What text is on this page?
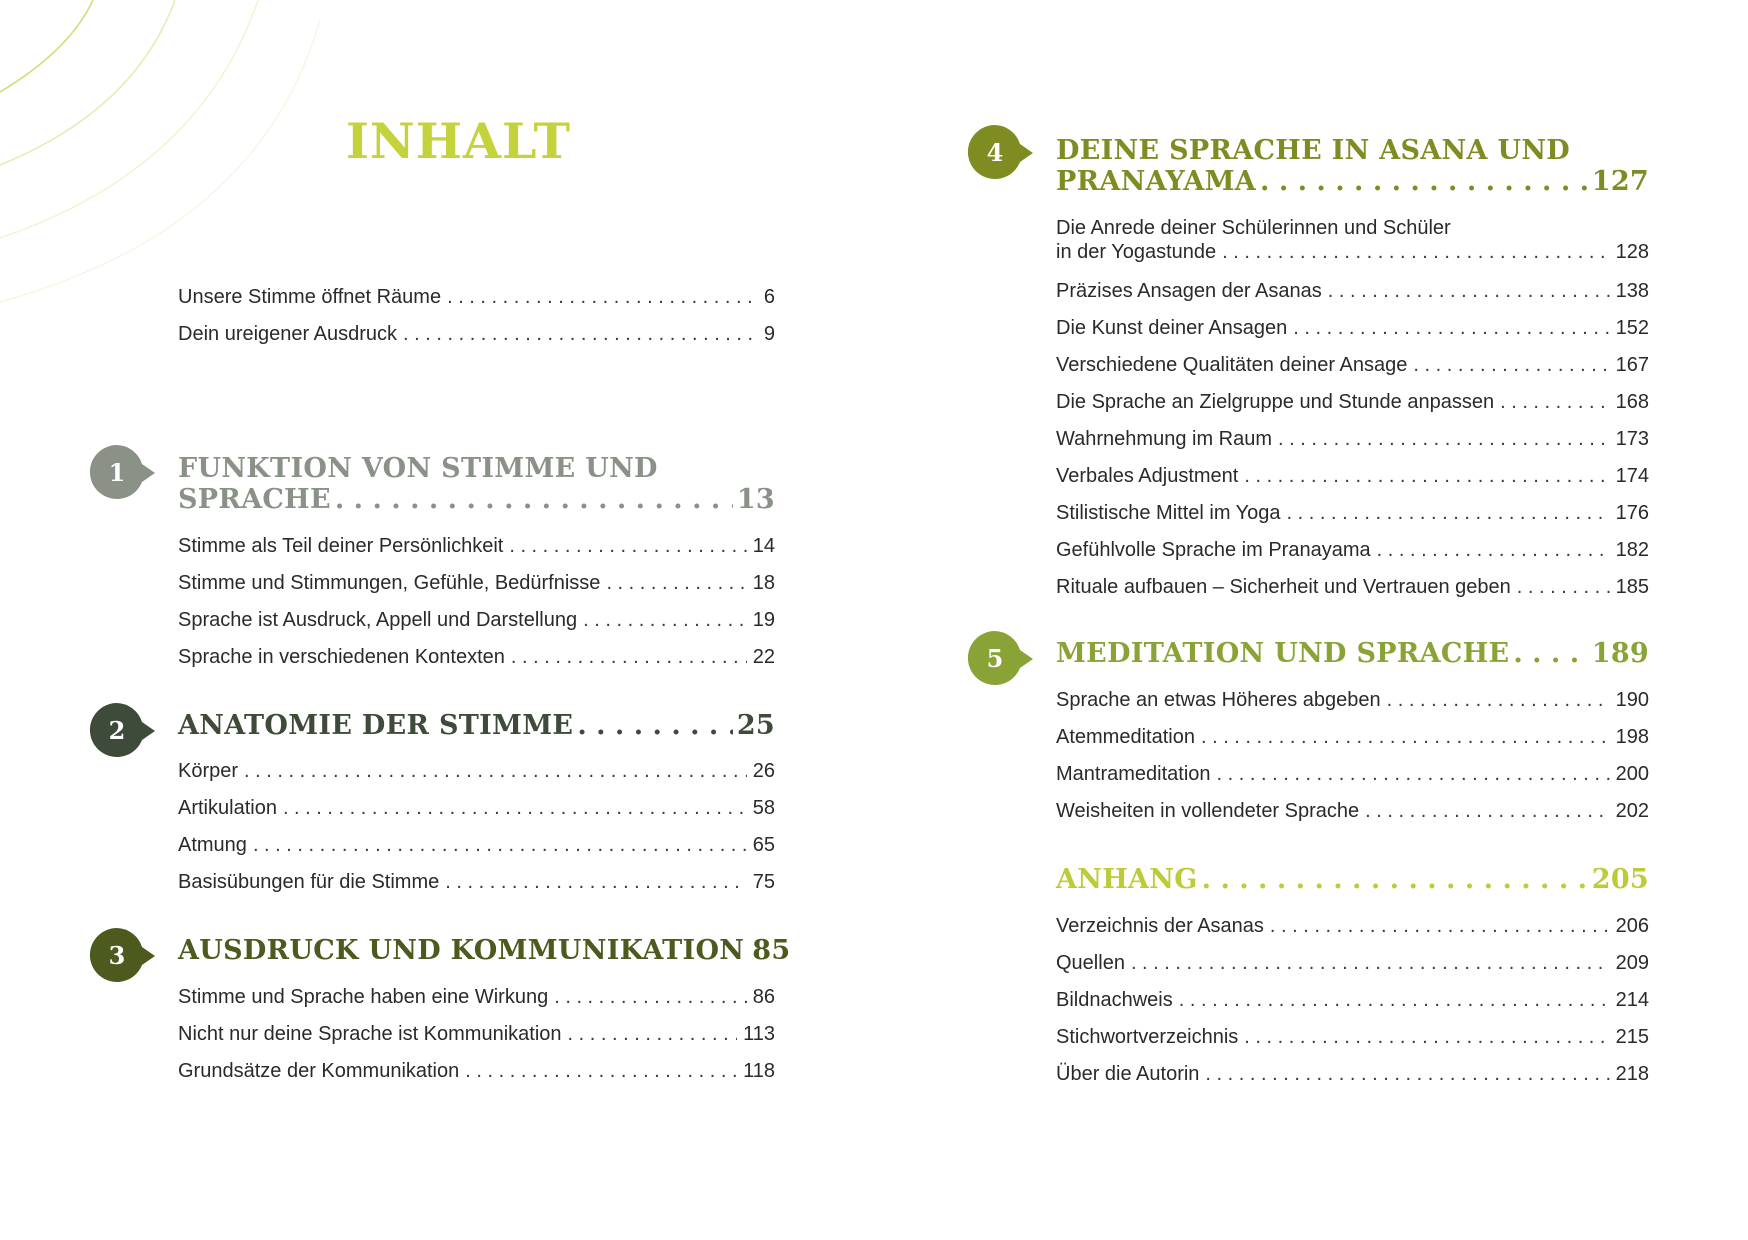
INHALT
Unsere Stimme öffnet Räume . . .	6
Dein ureigener Ausdruck . . .	9
1	FUNKTION VON STIMME UND
SPRACHE . . .	13
Stimme als Teil deiner Persönlichkeit . . .	14
Stimme und Stimmungen, Gefühle, Bedürfnisse . . .	18
Sprache ist Ausdruck, Appell und Darstellung . . .	19
Sprache in verschiedenen Kontexten . . .	22
2	ANATOMIE DER STIMME . . .	25
Körper . . .	26
Artikulation . . .	58
Atmung . . .	65
Basisübungen für die Stimme . . .	75
3	AUSDRUCK UND KOMMUNIKATION 85
Stimme und Sprache haben eine Wirkung . . .	86
Nicht nur deine Sprache ist Kommunikation . . .	113
Grundsätze der Kommunikation . . .	118
4	DEINE SPRACHE IN ASANA UND
PRANAYAMA . . .	127
Die Anrede deiner Schülerinnen und Schüler
in der Yogastunde . . .	128
Präzises Ansagen der Asanas . . .	138
Die Kunst deiner Ansagen . . .	152
Verschiedene Qualitäten deiner Ansage . . .	167
Die Sprache an Zielgruppe und Stunde anpassen . . .	168
Wahrnehmung im Raum . . .	173
Verbales Adjustment . . .	174
Stilistische Mittel im Yoga . . .	176
Gefühlvolle Sprache im Pranayama . . .	182
Rituale aufbauen – Sicherheit und Vertrauen geben . . .	185
5	MEDITATION UND SPRACHE . . .	189
Sprache an etwas Höheres abgeben . . .	190
Atemmeditation . . .	198
Mantrameditation . . .	200
Weisheiten in vollendeter Sprache . . .	202
ANHANG . . .	205
Verzeichnis der Asanas . . .	206
Quellen . . .	209
Bildnachweis . . .	214
Stichwortverzeichnis . . .	215
Über die Autorin . . .	218
